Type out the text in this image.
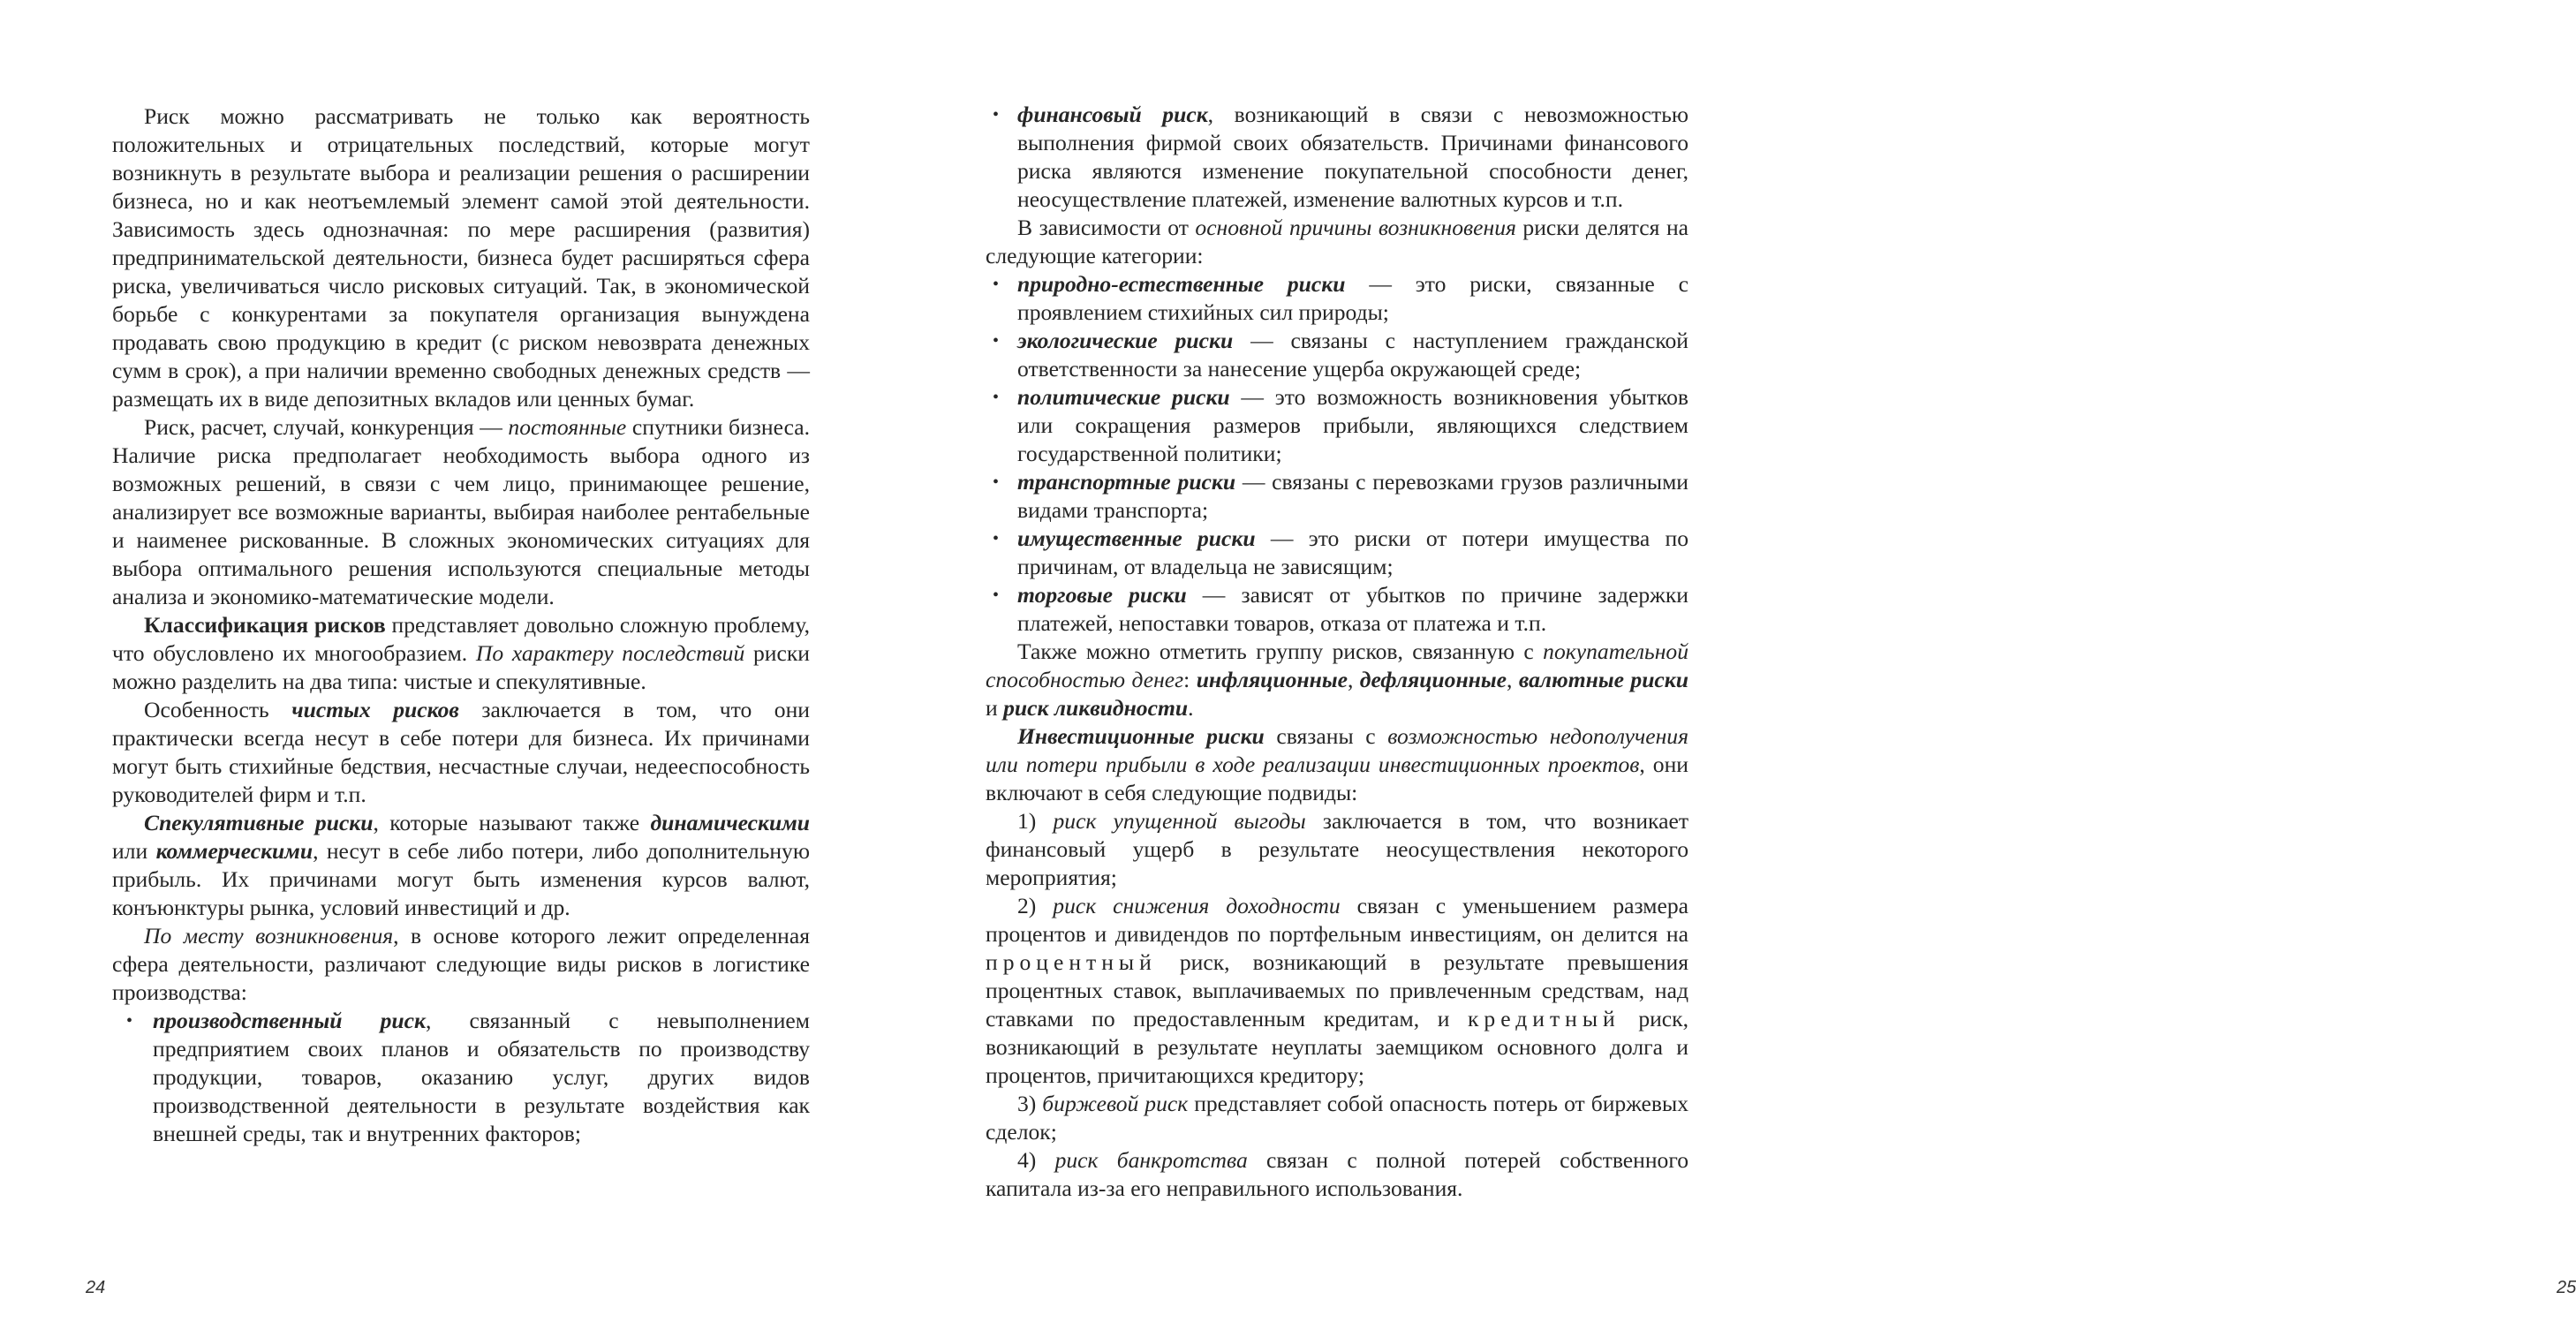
Риск можно рассматривать не только как вероятность положительных и отрицательных последствий, которые могут возникнуть в результате выбора и реализации решения о расширении бизнеса, но и как неотъемлемый элемент самой этой деятельности. Зависимость здесь однозначная: по мере расширения (развития) предпринимательской деятельности, бизнеса будет расширяться сфера риска, увеличиваться число рисковых ситуаций. Так, в экономической борьбе с конкурентами за покупателя организация вынуждена продавать свою продукцию в кредит (с риском невозврата денежных сумм в срок), а при наличии временно свободных денежных средств — размещать их в виде депозитных вкладов или ценных бумаг.

Риск, расчет, случай, конкуренция — постоянные спутники бизнеса. Наличие риска предполагает необходимость выбора одного из возможных решений, в связи с чем лицо, принимающее решение, анализирует все возможные варианты, выбирая наиболее рентабельные и наименее рискованные. В сложных экономических ситуациях для выбора оптимального решения используются специальные методы анализа и экономико-математические модели.

Классификация рисков представляет довольно сложную проблему, что обусловлено их многообразием. По характеру последствий риски можно разделить на два типа: чистые и спекулятивные.

Особенность чистых рисков заключается в том, что они практически всегда несут в себе потери для бизнеса. Их причинами могут быть стихийные бедствия, несчастные случаи, недееспособность руководителей фирм и т.п.

Спекулятивные риски, которые называют также динамическими или коммерческими, несут в себе либо потери, либо дополнительную прибыль. Их причинами могут быть изменения курсов валют, конъюнктуры рынка, условий инвестиций и др.

По месту возникновения, в основе которого лежит определенная сфера деятельности, различают следующие виды рисков в логистике производства:

• производственный риск, связанный с невыполнением предприятием своих планов и обязательств по производству продукции, товаров, оказанию услуг, других видов производственной деятельности в результате воздействия как внешней среды, так и внутренних факторов;
24
• финансовый риск, возникающий в связи с невозможностью выполнения фирмой своих обязательств. Причинами финансового риска являются изменение покупательной способности денег, неосуществление платежей, изменение валютных курсов и т.п.

В зависимости от основной причины возникновения риски делятся на следующие категории:

• природно-естественные риски — это риски, связанные с проявлением стихийных сил природы;
• экологические риски — связаны с наступлением гражданской ответственности за нанесение ущерба окружающей среде;
• политические риски — это возможность возникновения убытков или сокращения размеров прибыли, являющихся следствием государственной политики;
• транспортные риски — связаны с перевозками грузов различными видами транспорта;
• имущественные риски — это риски от потери имущества по причинам, от владельца не зависящим;
• торговые риски — зависят от убытков по причине задержки платежей, непоставки товаров, отказа от платежа и т.п.

Также можно отметить группу рисков, связанную с покупательной способностью денег: инфляционные, дефляционные, валютные риски и риск ликвидности.

Инвестиционные риски связаны с возможностью недополучения или потери прибыли в ходе реализации инвестиционных проектов, они включают в себя следующие подвиды:

1) риск упущенной выгоды заключается в том, что возникает финансовый ущерб в результате неосуществления некоторого мероприятия;

2) риск снижения доходности связан с уменьшением размера процентов и дивидендов по портфельным инвестициям, он делится на процентный риск, возникающий в результате превышения процентных ставок, выплачиваемых по привлеченным средствам, над ставками по предоставленным кредитам, и кредитный риск, возникающий в результате неуплаты заемщиком основного долга и процентов, причитающихся кредитору;

3) биржевой риск представляет собой опасность потерь от биржевых сделок;

4) риск банкротства связан с полной потерей собственного капитала из-за его неправильного использования.

25
